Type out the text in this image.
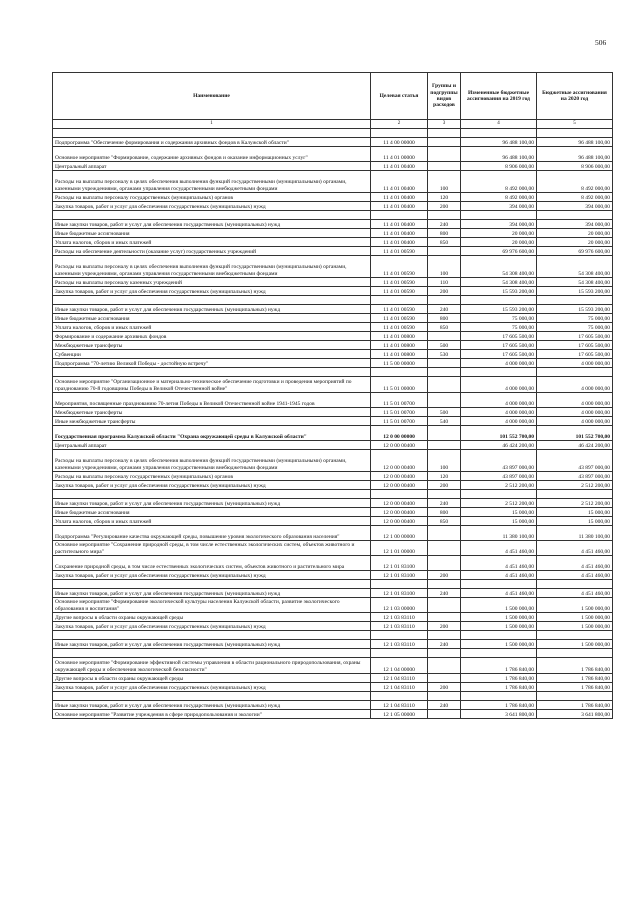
506
Наименование	Целевая статья	Группы и подгруппы видов расходов	Измененные бюджетные ассигнования на 2019 год	Бюджетные ассигнования на 2020 год
1	2	3	4	5

Подпрограмма "Обеспечение формирования и содержания архивных фондов в Калужской области"	11 4 00 00000		96 488 100,00	96 488 100,00
Основное мероприятие "Формирование, содержание архивных фондов и оказание информационных услуг"	11 4 01 00000		96 488 100,00	96 488 100,00
Центральный аппарат	11 4 01 00400		8 906 000,00	8 906 000,00
Расходы на выплаты персоналу в целях обеспечения выполнения функций государственными (муниципальными) органами, казенными учреждениями, органами управления государственными внебюджетными фондами	11 4 01 00400	100	8 492 000,00	8 492 000,00
Расходы на выплаты персоналу государственных (муниципальных) органов	11 4 01 00400	120	8 492 000,00	8 492 000,00
Закупка товаров, работ и услуг для обеспечения государственных (муниципальных) нужд	11 4 01 00400	200	394 000,00	394 000,00

Иные закупки товаров, работ и услуг для обеспечения государственных (муниципальных) нужд	11 4 01 00400	240	394 000,00	394 000,00
Иные бюджетные ассигнования	11 4 01 00400	800	20 000,00	20 000,00
Уплата налогов, сборов и иных платежей	11 4 01 00400	850	20 000,00	20 000,00
Расходы на обеспечение деятельности (оказание услуг) государственных учреждений	11 4 01 00590		69 976 600,00	69 976 600,00
Расходы на выплаты персоналу в целях обеспечения выполнения функций государственными (муниципальными) органами, казенными учреждениями, органами управления государственными внебюджетными фондами	11 4 01 00590	100	54 308 400,00	54 308 400,00
Расходы на выплаты персоналу казенных учреждений	11 4 01 00590	110	54 308 400,00	54 308 400,00
Закупка товаров, работ и услуг для обеспечения государственных (муниципальных) нужд	11 4 01 00590	200	15 593 200,00	15 593 200,00

Иные закупки товаров, работ и услуг для обеспечения государственных (муниципальных) нужд	11 4 01 00590	240	15 593 200,00	15 593 200,00
Иные бюджетные ассигнования	11 4 01 00590	800	75 000,00	75 000,00
Уплата налогов, сборов и иных платежей	11 4 01 00590	850	75 000,00	75 000,00
Формирование и содержание архивных фондов	11 4 01 00800		17 605 500,00	17 605 500,00
Межбюджетные трансферты	11 4 01 00800	500	17 605 500,00	17 605 500,00
Субвенции	11 4 01 00800	530	17 605 500,00	17 605 500,00
Подпрограмма "70-летию Великой Победы - достойную встречу"	11 5 00 00000		4 000 000,00	4 000 000,00

Основное мероприятие "Организационное и материально-техническое обеспечение подготовки и проведения мероприятий по празднованию 70-й годовщины Победы в Великой Отечественной войне"	11 5 01 00000		4 000 000,00	4 000 000,00
Мероприятия, посвященные празднованию 70-летия Победы в Великой Отечественной войне 1941-1945 годов	11 5 01 00700		4 000 000,00	4 000 000,00
Межбюджетные трансферты	11 5 01 00700	500	4 000 000,00	4 000 000,00
Иные межбюджетные трансферты	11 5 01 00700	540	4 000 000,00	4 000 000,00
Государственная программа Калужской области "Охрана окружающей среды в Калужской области"	12 0 00 00000		101 552 700,00	101 552 700,00
Центральный аппарат	12 0 00 00400		46 424 200,00	46 424 200,00
Расходы на выплаты персоналу в целях обеспечения выполнения функций государственными (муниципальными) органами, казенными учреждениями, органами управления государственными внебюджетными фондами	12 0 00 00400	100	43 897 000,00	43 897 000,00
Расходы на выплаты персоналу государственных (муниципальных) органов	12 0 00 00400	120	43 897 000,00	43 897 000,00
Закупка товаров, работ и услуг для обеспечения государственных (муниципальных) нужд	12 0 00 00400	200	2 512 200,00	2 512 200,00

Иные закупки товаров, работ и услуг для обеспечения государственных (муниципальных) нужд	12 0 00 00400	240	2 512 200,00	2 512 200,00
Иные бюджетные ассигнования	12 0 00 00400	800	15 000,00	15 000,00
Уплата налогов, сборов и иных платежей	12 0 00 00400	850	15 000,00	15 000,00
Подпрограмма "Регулирование качества окружающей среды, повышение уровня экологического образования населения"	12 1 00 00000		11 380 100,00	11 380 100,00
Основное мероприятие "Сохранение природной среды, в том числе естественных экологических систем, объектов животного и растительного мира"	12 1 01 00000		4 451 460,00	4 451 460,00
Сохранение природной среды, в том числе естественных экологических систем, объектов животного и растительного мира	12 1 01 83100		4 451 460,00	4 451 460,00
Закупка товаров, работ и услуг для обеспечения государственных (муниципальных) нужд	12 1 01 83100	200	4 451 460,00	4 451 460,00

Иные закупки товаров, работ и услуг для обеспечения государственных (муниципальных) нужд	12 1 01 83100	240	4 451 460,00	4 451 460,00
Основное мероприятие "Формирование экологической культуры населения Калужской области, развитие экологического образования и воспитания"	12 1 03 00000		1 500 000,00	1 500 000,00
Другие вопросы в области охраны окружающей среды	12 1 03 83110		1 500 000,00	1 500 000,00
Закупка товаров, работ и услуг для обеспечения государственных (муниципальных) нужд	12 1 03 83110	200	1 500 000,00	1 500 000,00

Иные закупки товаров, работ и услуг для обеспечения государственных (муниципальных) нужд	12 1 03 83110	240	1 500 000,00	1 500 000,00

Основное мероприятие "Формирование эффективной системы управления в области рационального природопользования, охраны окружающей среды и обеспечения экологической безопасности"	12 1 04 00000		1 786 840,00	1 786 840,00
Другие вопросы в области охраны окружающей среды	12 1 04 83110		1 786 840,00	1 786 840,00
Закупка товаров, работ и услуг для обеспечения государственных (муниципальных) нужд	12 1 04 83110	200	1 786 840,00	1 786 840,00

Иные закупки товаров, работ и услуг для обеспечения государственных (муниципальных) нужд	12 1 04 83110	240	1 786 840,00	1 786 840,00
Основное мероприятие "Развитие учреждения в сфере природопользования и экологии"	12 1 05 00000		3 641 800,00	3 641 800,00
